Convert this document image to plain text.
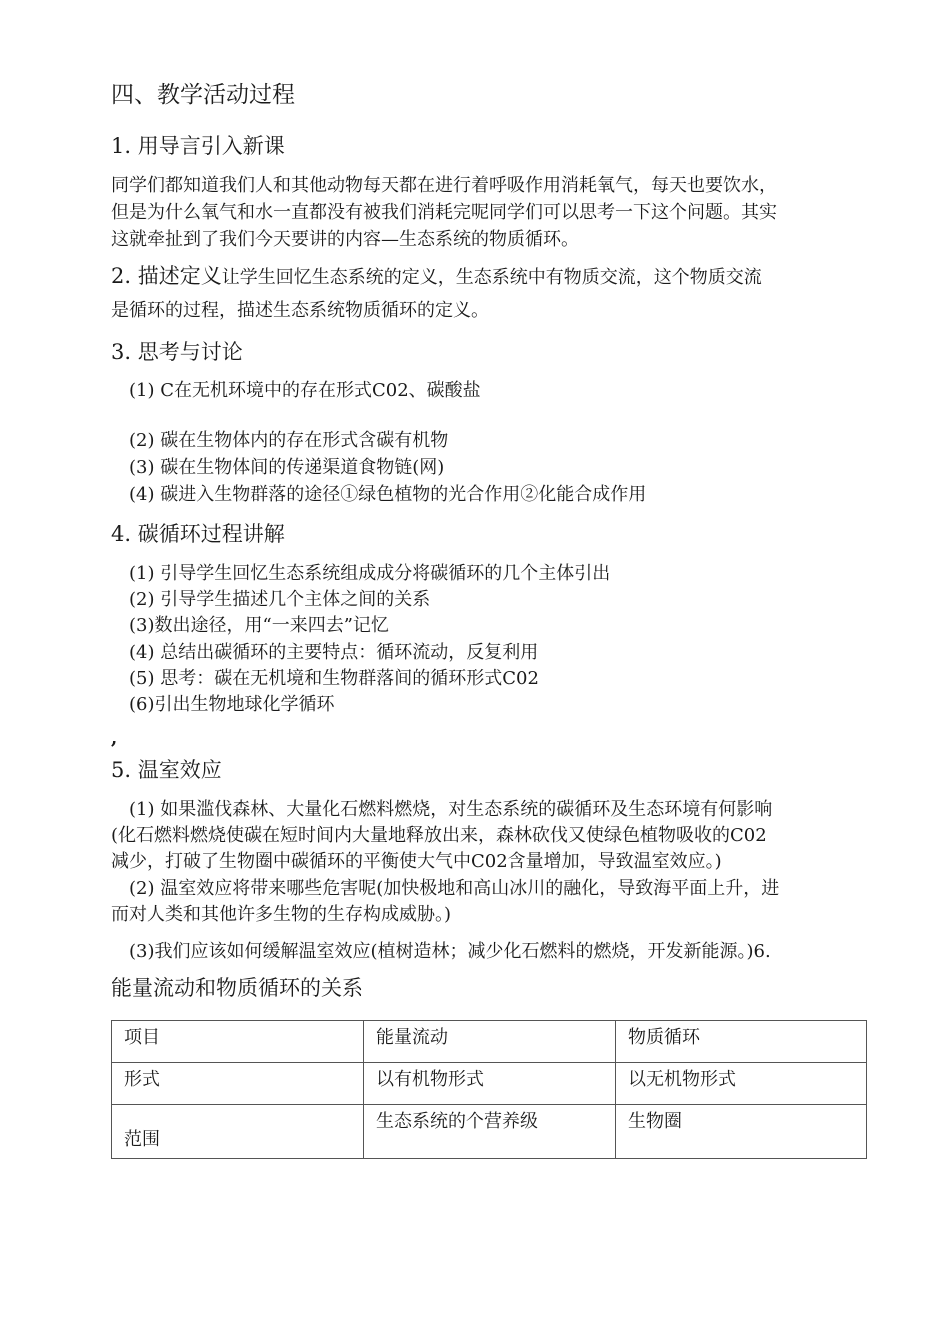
四、教学活动过程
1. 用导言引入新课
同学们都知道我们人和其他动物每天都在进行着呼吸作用消耗氧气，每天也要饮水，
但是为什么氧气和水一直都没有被我们消耗完呢同学们可以思考一下这个问题。其实
这就牵扯到了我们今天要讲的内容—生态系统的物质循环。
2. 描述定义让学生回忆生态系统的定义，生态系统中有物质交流，这个物质交流
是循环的过程，描述生态系统物质循环的定义。
3. 思考与讨论
(1) C在无机环境中的存在形式C02、碳酸盐
(2) 碳在生物体内的存在形式含碳有机物
(3) 碳在生物体间的传递渠道食物链(网)
(4) 碳进入生物群落的途径①绿色植物的光合作用②化能合成作用
4. 碳循环过程讲解
(1) 引导学生回忆生态系统组成成分将碳循环的几个主体引出
(2) 引导学生描述几个主体之间的关系
(3)数出途径，用“一来四去”记忆
(4) 总结出碳循环的主要特点：循环流动，反复利用
(5) 思考：碳在无机境和生物群落间的循环形式C02
(6)引出生物地球化学循环
,
5. 温室效应
(1) 如果滥伐森林、大量化石燃料燃烧，对生态系统的碳循环及生态环境有何影响
(化石燃料燃烧使碳在短时间内大量地释放出来，森林砍伐又使绿色植物吸收的C02
减少，打破了生物圈中碳循环的平衡使大气中C02含量增加，导致温室效应。)
(2) 温室效应将带来哪些危害呢(加快极地和高山冰川的融化，导致海平面上升，进
而对人类和其他许多生物的生存构成威胁。)
(3)我们应该如何缓解温室效应(植树造林；减少化石燃料的燃烧，开发新能源。)6.
能量流动和物质循环的关系
项目	能量流动	物质循环
形式	以有机物形式	以无机物形式

范围	生态系统的个营养级	生物圈
